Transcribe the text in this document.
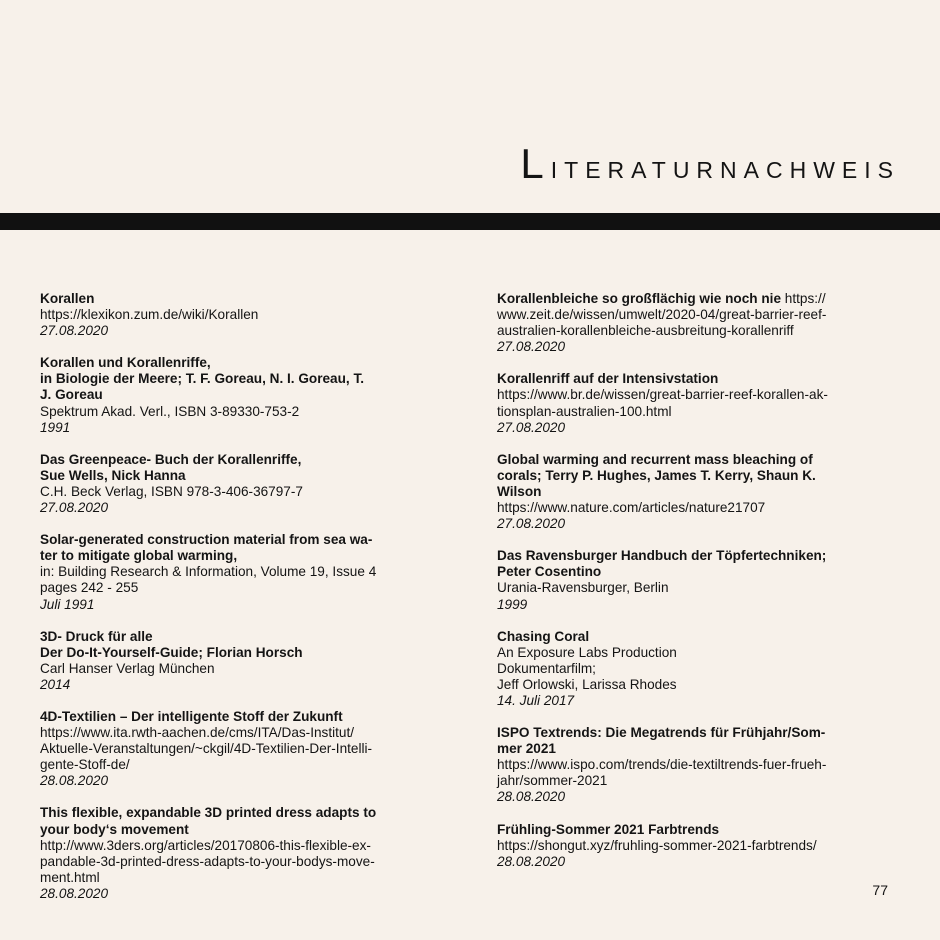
Literaturnachweis
Korallen
https://klexikon.zum.de/wiki/Korallen
27.08.2020
Korallen und Korallenriffe,
in Biologie der Meere; T. F. Goreau, N. I. Goreau, T.
J. Goreau
Spektrum Akad. Verl., ISBN 3-89330-753-2
1991
Das Greenpeace- Buch der Korallenriffe,
Sue Wells, Nick Hanna
C.H. Beck Verlag, ISBN 978-3-406-36797-7
27.08.2020
Solar-generated construction material from sea wa-
ter to mitigate global warming,
in: Building Research & Information, Volume 19, Issue 4
pages 242 - 255
Juli 1991
3D- Druck für alle
Der Do-It-Yourself-Guide; Florian Horsch
Carl Hanser Verlag München
2014
4D-Textilien – Der intelligente Stoff der Zukunft
https://www.ita.rwth-aachen.de/cms/ITA/Das-Institut/
Aktuelle-Veranstaltungen/~ckgil/4D-Textilien-Der-Intelli-
gente-Stoff-de/
28.08.2020
This flexible, expandable 3D printed dress adapts to
your body‘s movement
http://www.3ders.org/articles/20170806-this-flexible-ex-
pandable-3d-printed-dress-adapts-to-your-bodys-move-
ment.html
28.08.2020
Korallenbleiche so großflächig wie noch nie https://
www.zeit.de/wissen/umwelt/2020-04/great-barrier-reef-
australien-korallenbleiche-ausbreitung-korallenriff
27.08.2020
Korallenriff auf der Intensivstation
https://www.br.de/wissen/great-barrier-reef-korallen-ak-
tionsplan-australien-100.html
27.08.2020
Global warming and recurrent mass bleaching of
corals; Terry P. Hughes, James T. Kerry, Shaun K.
Wilson
https://www.nature.com/articles/nature21707
27.08.2020
Das Ravensburger Handbuch der Töpfertechniken;
Peter Cosentino
Urania-Ravensburger, Berlin
1999
Chasing Coral
An Exposure Labs Production
Dokumentarfilm;
Jeff Orlowski, Larissa Rhodes
14. Juli 2017
ISPO Textrends: Die Megatrends für Frühjahr/Som-
mer 2021
https://www.ispo.com/trends/die-textiltrends-fuer-frueh-
jahr/sommer-2021
28.08.2020
Frühling-Sommer 2021 Farbtrends
https://shongut.xyz/fruhling-sommer-2021-farbtrends/
28.08.2020
77
